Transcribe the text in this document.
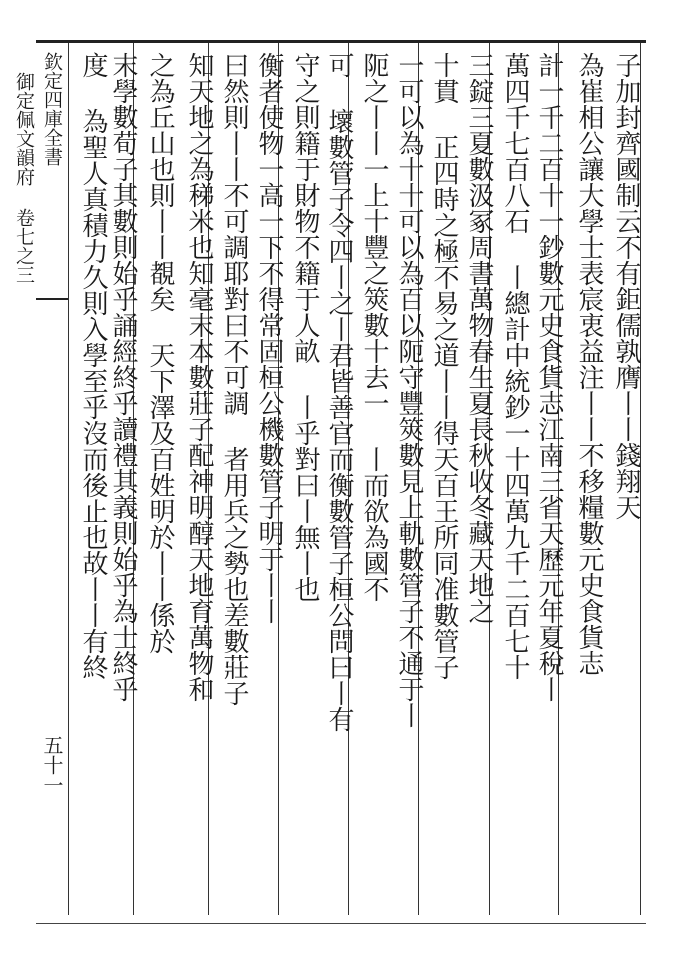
欽定四庫全書
御定佩文韻府 卷七之三
五十一
子加封齊國制云不有鉅儒孰膺丨丨錢翔天
為崔相公讓大學士表宸衷益注丨丨不移糧數元史食貨志
計一千二百十一鈔數元史食貨志江南三省天歷元年夏稅丨
萬四千七百八石 丨總計中統鈔一十四萬九千二百七十
三錠三夏數汲冢周書萬物春生夏長秋收冬藏天地之
十貫 正四時之極不易之道丨丨得天百王所同准數管子
一可以為十十可以為百以阨守豐筴數見上軌數管子不通于丨
阨之丨丨一上十豐之筴數十去一 丨而欲為國不
可 壞數管子令四丨之丨君皆善官而衡數管子桓公問曰丨有
守之則籍于財物不籍于人畝 丨乎對曰丨無丨也
衡者使物一高一下不得常固桓公機數管子明于丨丨
曰然則丨丨不可調耶對曰不可調 者用兵之勢也差數莊子
知天地之為稊米也知毫末本數莊子配神明醇天地育萬物和
之為丘山也則丨丨覩矣 天下澤及百姓明於丨丨係於
末學數荀子其數則始乎誦經終乎讀禮其義則始乎為士終乎
度 為聖人真積力久則入學至乎沒而後止也故丨丨有終
